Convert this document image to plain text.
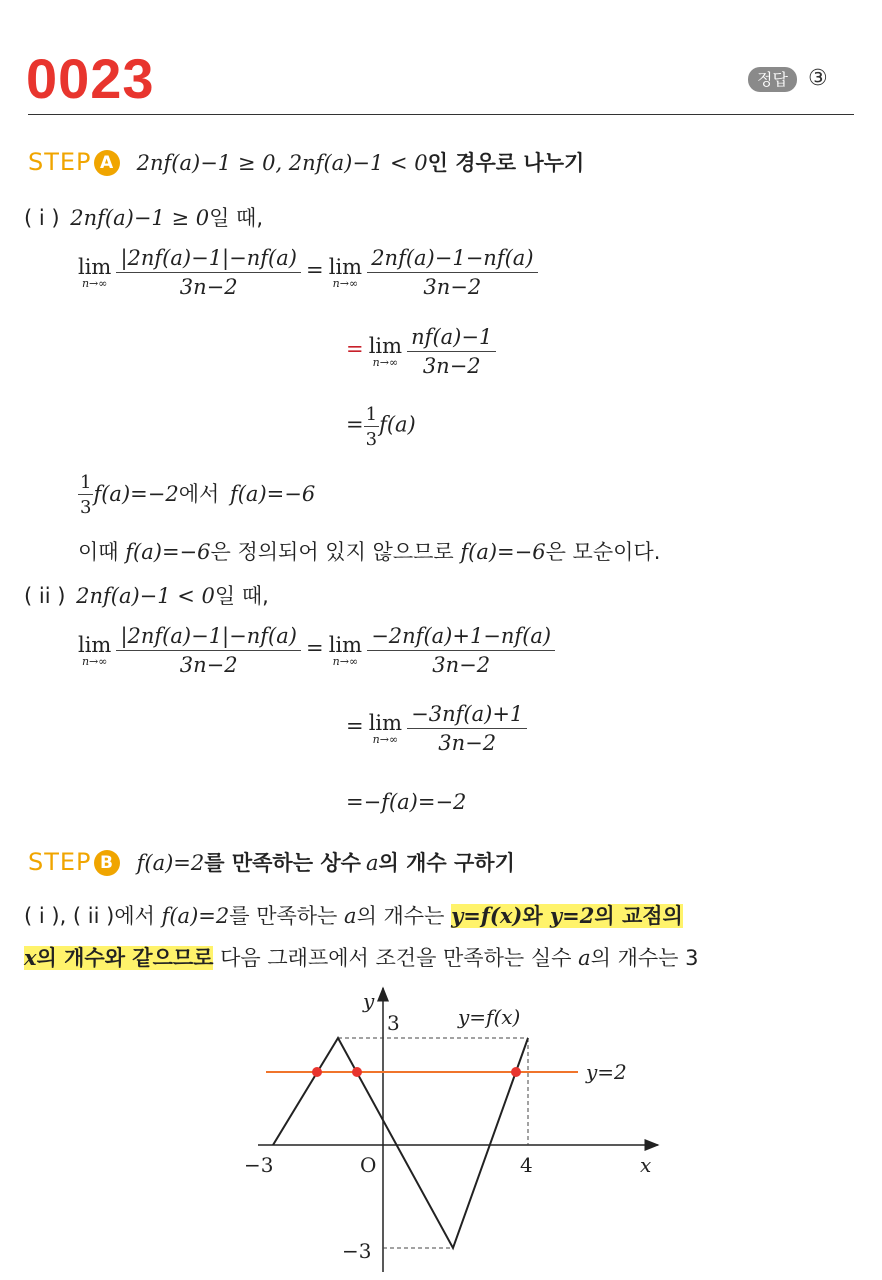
0023	정답 ③
STEP A 2nf(a)−1 ≥ 0, 2nf(a)−1 < 0인 경우로 나누기
( i ) 2nf(a)−1 ≥ 0일 때,
lim
n→∞
$\frac{|2nf(a)-1|-nf(a)}{3n-2} = \lim$
n→∞
$\frac{2nf(a)-1-nf(a)}{3n-2}$
= lim
n→∞
$\frac{nf(a)-1}{3n-2}$
= $\frac{1}{3} f(a)$
$\frac{1}{3} f(a)=-2$에서 f(a)=−6
이때 f(a)=−6은 정의되어 있지 않으므로 f(a)=−6은 모순이다.
( ii ) 2nf(a)−1 < 0일 때,
lim
n→∞
$\frac{|2nf(a)-1|-nf(a)}{3n-2} = \lim$
n→∞
$\frac{-2nf(a)+1-nf(a)}{3n-2}$
= lim
n→∞
$\frac{-3nf(a)+1}{3n-2}$
=−f(a)=−2
STEP B f(a)=2를 만족하는 상수 a의 개수 구하기
( i ), ( ii )에서 f(a)=2를 만족하는 a의 개수는 y=f(x)와 y=2의 교점의
x의 개수와 같으므로 다음 그래프에서 조건을 만족하는 실수 a의 개수는 3
y
3	y=f(x)
y=2
−3	O	4	x
−3
